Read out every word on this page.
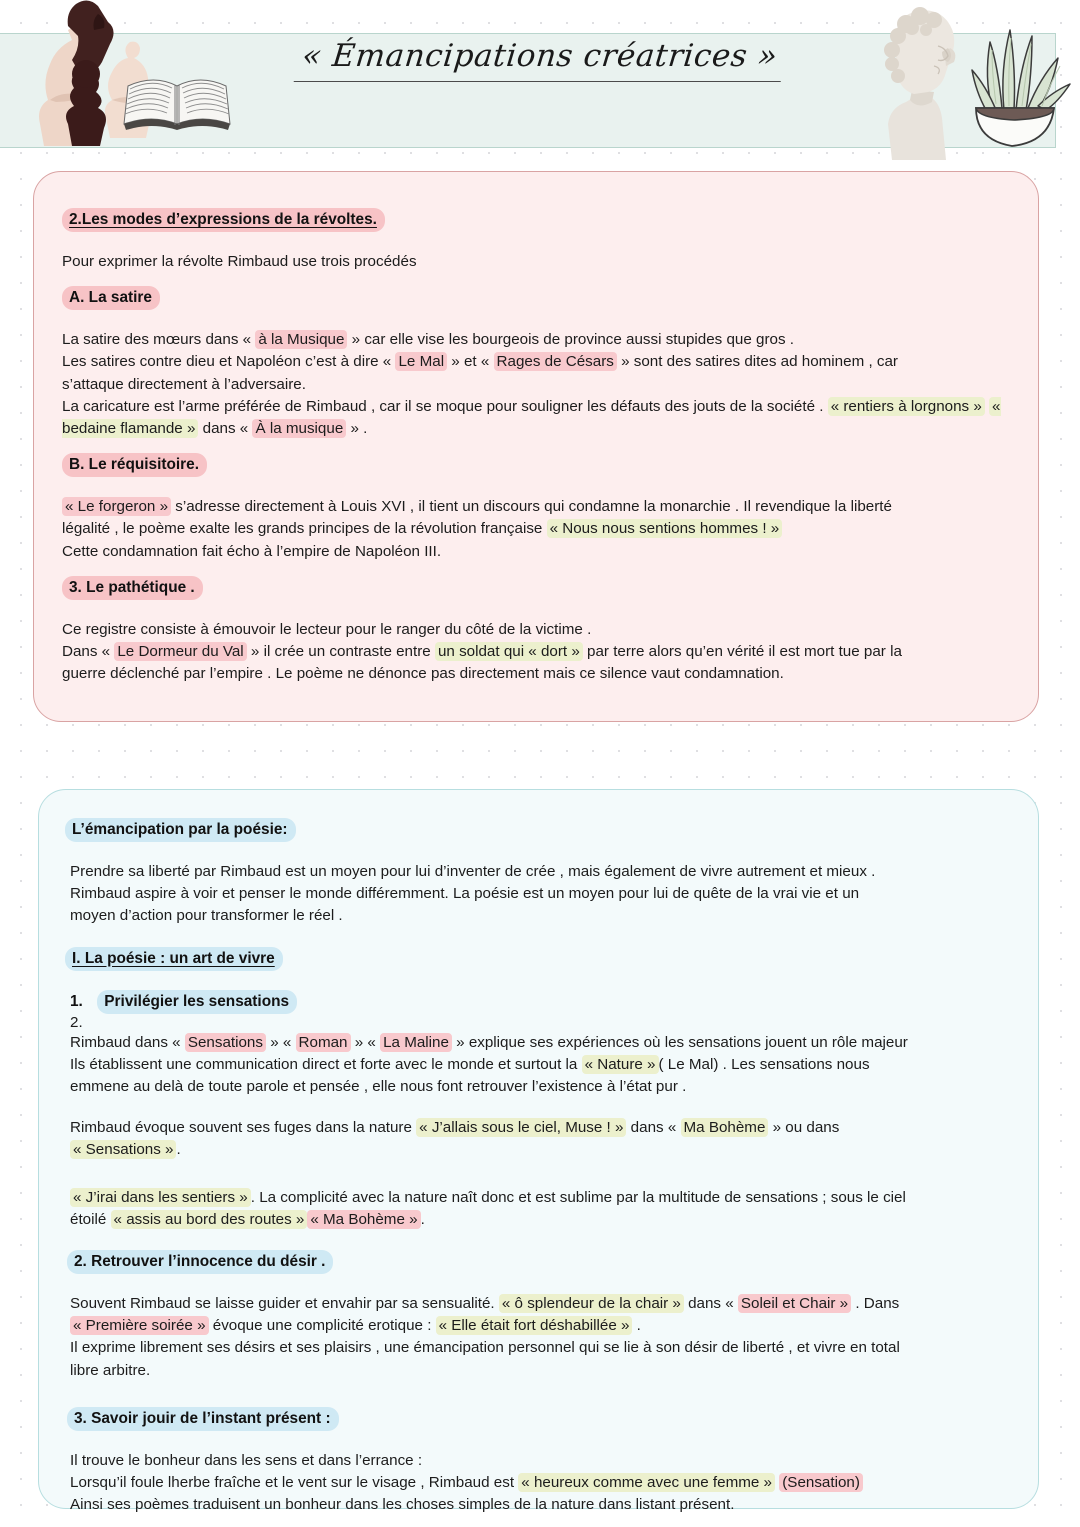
« Émancipations créatrices »
2.Les modes d’expressions de la révoltes.

Pour exprimer la révolte Rimbaud use trois procédés

A. La satire

La satire des mœurs dans « à la Musique » car elle vise les bourgeois de province aussi stupides que gros .
Les satires contre dieu et Napoléon c’est à dire « Le Mal » et « Rages de Césars » sont des satires dites ad hominem , car
s’attaque directement à l’adversaire.
La caricature est l’arme préférée de Rimbaud , car il se moque pour souligner les défauts des jouts de la société . « rentiers à lorgnons » « bedaine flamande » dans « À la musique » .

B. Le réquisitoire.

« Le forgeron » s’adresse directement à Louis XVI , il tient un discours qui condamne la monarchie . Il revendique la liberté
légalité , le poème exalte les grands principes de la révolution française « Nous nous sentions hommes ! »
Cette condamnation fait écho à l’empire de Napoléon III.

3. Le pathétique .

Ce registre consiste à émouvoir le lecteur pour le ranger du côté de la victime .
Dans « Le Dormeur du Val » il crée un contraste entre un soldat qui « dort » par terre alors qu’en vérité il est mort tue par la
guerre déclenché par l’empire . Le poème ne dénonce pas directement mais ce silence vaut condamnation.

L’émancipation par la poésie:

Prendre sa liberté par Rimbaud est un moyen pour lui d’inventer de crée , mais également de vivre autrement et mieux .
Rimbaud aspire à voir et penser le monde différemment. La poésie est un moyen pour lui de quête de la vrai vie et un
moyen d’action pour transformer le réel .

I. La poésie : un art de vivre
1. Privilégier les sensations
2.

Rimbaud dans « Sensations » « Roman » « La Maline » explique ses expériences où les sensations jouent un rôle majeur
Ils établissent une communication direct et forte avec le monde et surtout la « Nature » ( Le Mal) . Les sensations nous
emmene au delà de toute parole et pensée , elle nous font retrouver l’existence à l’état pur .

Rimbaud évoque souvent ses fuges dans la nature « J’allais sous le ciel, Muse ! » dans « Ma Bohème » ou dans
« Sensations » .

« J’irai dans les sentiers » . La complicité avec la nature naît donc et est sublime par la multitude de sensations ; sous le ciel
étoilé « assis au bord des routes » « Ma Bohème » .

2. Retrouver l’innocence du désir .

Souvent Rimbaud se laisse guider et envahir par sa sensualité. « ô splendeur de la chair » dans « Soleil et Chair » . Dans
« Première soirée » évoque une complicité erotique : « Elle était fort déshabillée » .
Il exprime librement ses désirs et ses plaisirs , une émancipation personnel qui se lie à son désir de liberté , et vivre en total
libre arbitre.

3. Savoir jouir de l’instant présent :

Il trouve le bonheur dans les sens et dans l’errance :
Lorsqu’il foule lherbe fraîche et le vent sur le visage , Rimbaud est « heureux comme avec une femme » (Sensation)
Ainsi ses poèmes traduisent un bonheur dans les choses simples de la nature dans listant présent.
